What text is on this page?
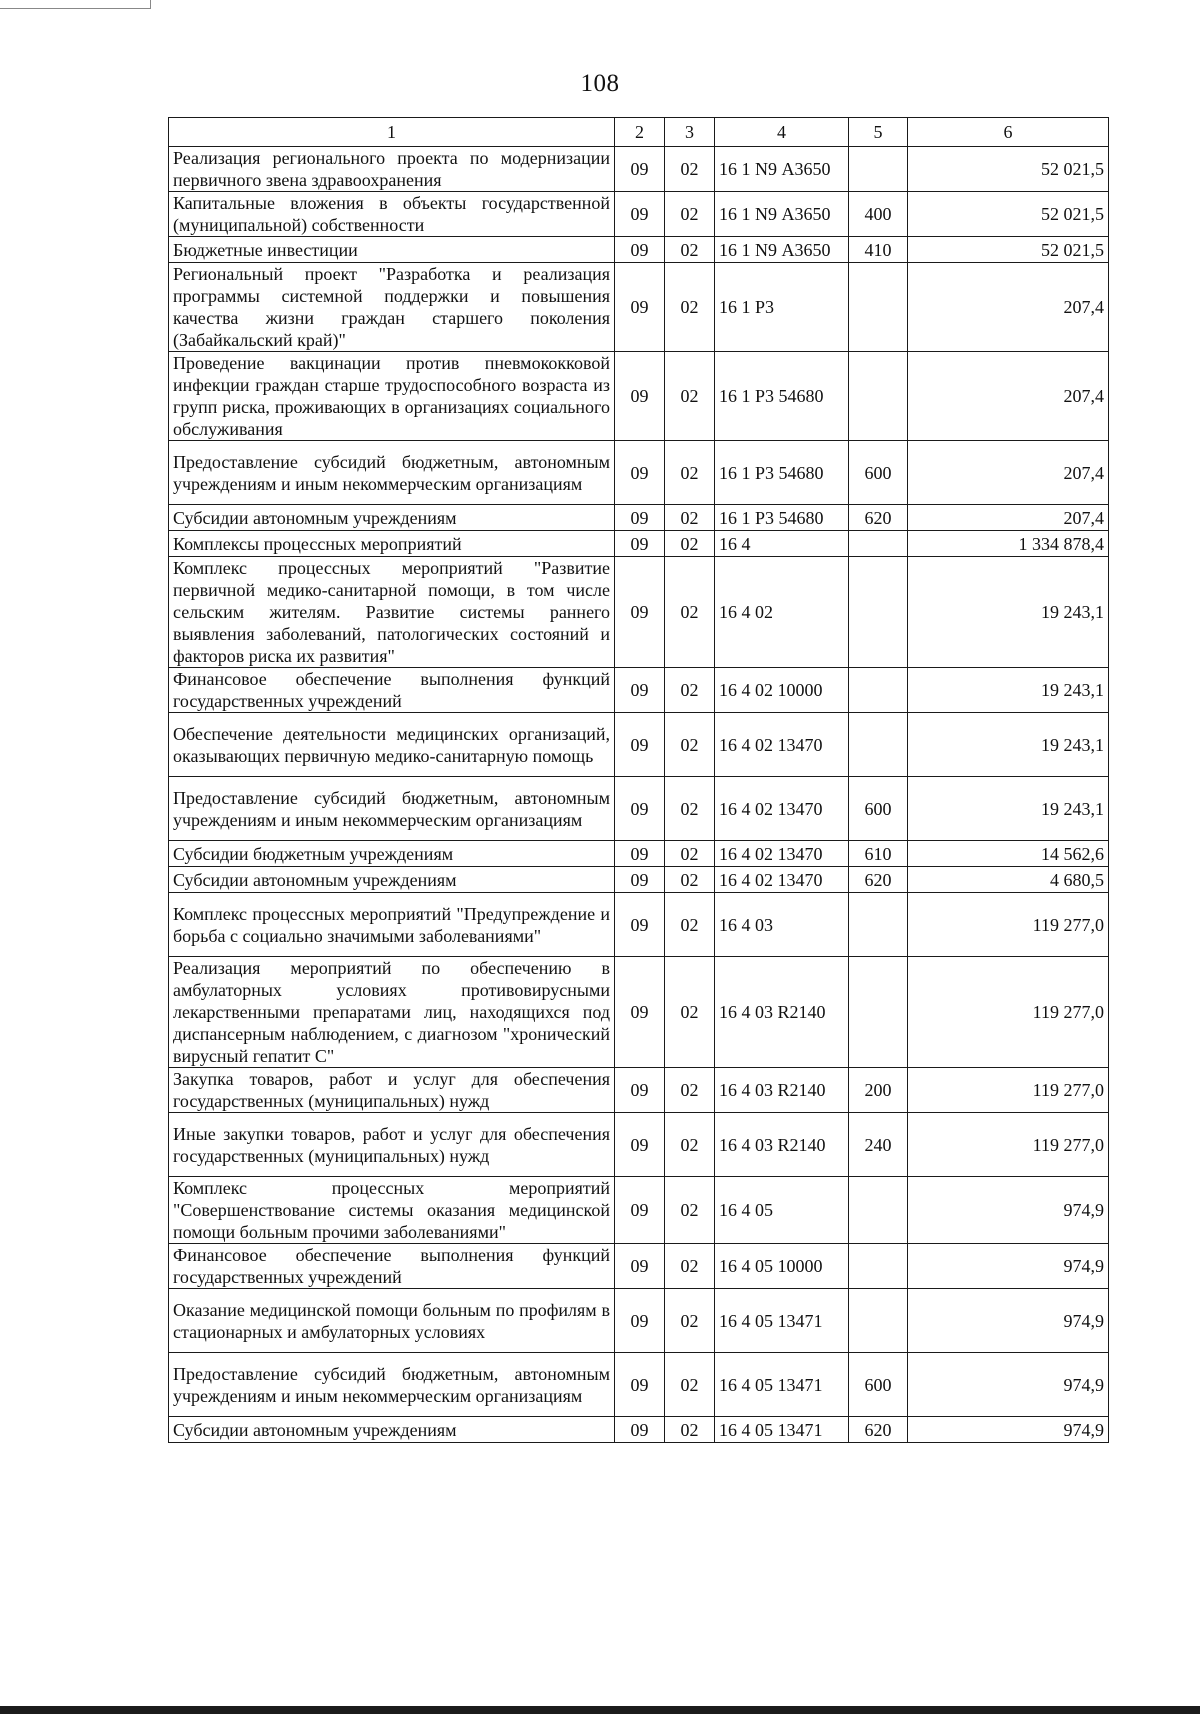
108
1	2	3	4	5	6
Реализация регионального проекта по модернизации первичного звена здравоохранения	09	02	16 1 N9 А3650		52 021,5
Капитальные вложения в объекты государственной (муниципальной) собственности	09	02	16 1 N9 А3650	400	52 021,5
Бюджетные инвестиции	09	02	16 1 N9 А3650	410	52 021,5
Региональный проект "Разработка и реализация программы системной поддержки и повышения качества жизни граждан старшего поколения (Забайкальский край)"	09	02	16 1 Р3		207,4
Проведение вакцинации против пневмококковой инфекции граждан старше трудоспособного возраста из групп риска, проживающих в организациях социального обслуживания	09	02	16 1 Р3 54680		207,4
Предоставление субсидий бюджетным, автономным учреждениям и иным некоммерческим организациям	09	02	16 1 Р3 54680	600	207,4
Субсидии автономным учреждениям	09	02	16 1 Р3 54680	620	207,4
Комплексы процессных мероприятий	09	02	16 4		1 334 878,4
Комплекс процессных мероприятий "Развитие первичной медико-санитарной помощи, в том числе сельским жителям. Развитие системы раннего выявления заболеваний, патологических состояний и факторов риска их развития"	09	02	16 4 02		19 243,1
Финансовое обеспечение выполнения функций государственных учреждений	09	02	16 4 02 10000		19 243,1
Обеспечение деятельности медицинских организаций, оказывающих первичную медико-санитарную помощь	09	02	16 4 02 13470		19 243,1
Предоставление субсидий бюджетным, автономным учреждениям и иным некоммерческим организациям	09	02	16 4 02 13470	600	19 243,1
Субсидии бюджетным учреждениям	09	02	16 4 02 13470	610	14 562,6
Субсидии автономным учреждениям	09	02	16 4 02 13470	620	4 680,5
Комплекс процессных мероприятий "Предупреждение и борьба с социально значимыми заболеваниями"	09	02	16 4 03		119 277,0
Реализация мероприятий по обеспечению в амбулаторных условиях противовирусными лекарственными препаратами лиц, находящихся под диспансерным наблюдением, с диагнозом "хронический вирусный гепатит С"	09	02	16 4 03 R2140		119 277,0
Закупка товаров, работ и услуг для обеспечения государственных (муниципальных) нужд	09	02	16 4 03 R2140	200	119 277,0
Иные закупки товаров, работ и услуг для обеспечения государственных (муниципальных) нужд	09	02	16 4 03 R2140	240	119 277,0
Комплекс процессных мероприятий "Совершенствование системы оказания медицинской помощи больным прочими заболеваниями"	09	02	16 4 05		974,9
Финансовое обеспечение выполнения функций государственных учреждений	09	02	16 4 05 10000		974,9
Оказание медицинской помощи больным по профилям в стационарных и амбулаторных условиях	09	02	16 4 05 13471		974,9
Предоставление субсидий бюджетным, автономным учреждениям и иным некоммерческим организациям	09	02	16 4 05 13471	600	974,9
Субсидии автономным учреждениям	09	02	16 4 05 13471	620	974,9
